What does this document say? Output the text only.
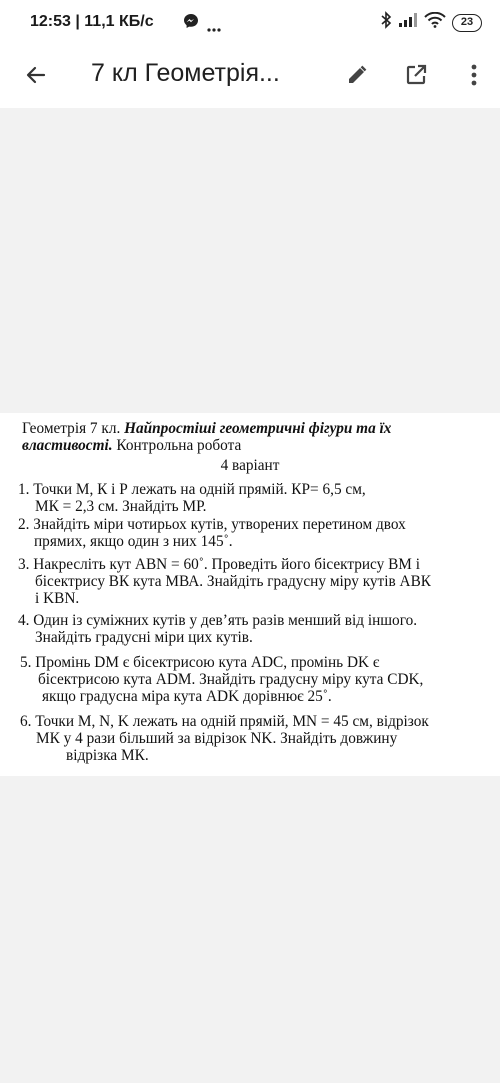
12:53 | 11,1 КБ/с	23
7 кл Геометрія...
Геометрія 7 кл. Найпростіші геометричні фігури та їх
властивості. Контрольна робота
4 варіант
1. Точки М, К і Р лежать на одній прямій. КР= 6,5 см,
МК = 2,3 см. Знайдіть МР.
2. Знайдіть міри чотирьох кутів, утворених перетином двох
прямих, якщо один з них 145˚.
3. Накресліть кут ABN = 60˚. Проведіть його бісектрису ВМ і
бісектрису ВК кута МВА. Знайдіть градусну міру кутів АВК
і KBN.
4. Один із суміжних кутів у дев’ять разів менший від іншого.
Знайдіть градусні міри цих кутів.
5. Промінь DM є бісектрисою кута ADC, промінь DK є
бісектрисою кута ADM. Знайдіть градусну міру кута CDK,
якщо градусна міра кута ADK дорівнює 25˚.
6. Точки M, N, K лежать на одній прямій, MN = 45 см, відрізок
МК у 4 рази більший за відрізок NK. Знайдіть довжину
відрізка МК.
